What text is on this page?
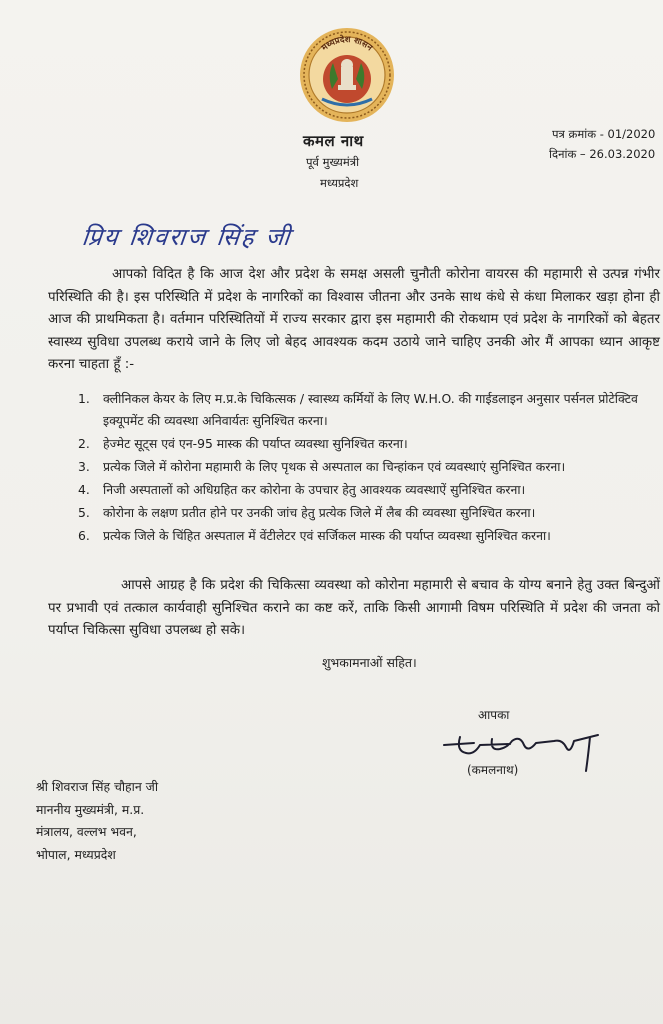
मध्यप्रदेश शासन
कमल नाथ
पूर्व मुख्यमंत्री
मध्यप्रदेश
पत्र क्रमांक - 01/2020
दिनांक – 26.03.2020
प्रिय शिवराज सिंह जी
आपको विदित है कि आज देश और प्रदेश के समक्ष असली चुनौती कोरोना वायरस की महामारी से उत्पन्न गंभीर परिस्थिति की है। इस परिस्थिति में प्रदेश के नागरिकों का विश्वास जीतना और उनके साथ कंधे से कंधा मिलाकर खड़ा होना ही आज की प्राथमिकता है। वर्तमान परिस्थितियों में राज्य सरकार द्वारा इस महामारी की रोकथाम एवं प्रदेश के नागरिकों को बेहतर स्वास्थ्य सुविधा उपलब्ध कराये जाने के लिए जो बेहद आवश्यक कदम उठाये जाने चाहिए उनकी ओर मैं आपका ध्यान आकृष्ट करना चाहता हूँ :-
1. क्लीनिकल केयर के लिए म.प्र.के चिकित्सक / स्वास्थ्य कर्मियों के लिए W.H.O. की गाईडलाइन अनुसार पर्सनल प्रोटेक्टिव इक्यूपमेंट की व्यवस्था अनिवार्यतः सुनिश्चित करना।
2. हेज्मेट सूट्स एवं एन-95 मास्क की पर्याप्त व्यवस्था सुनिश्चित करना।
3. प्रत्येक जिले में कोरोना महामारी के लिए पृथक से अस्पताल का चिन्हांकन एवं व्यवस्थाएं सुनिश्चित करना।
4. निजी अस्पतालों को अधिग्रहित कर कोरोना के उपचार हेतु आवश्यक व्यवस्थाऐं सुनिश्चित करना।
5. कोरोना के लक्षण प्रतीत होने पर उनकी जांच हेतु प्रत्येक जिले में लैब की व्यवस्था सुनिश्चित करना।
6. प्रत्येक जिले के चिंहित अस्पताल में वेंटीलेटर एवं सर्जिकल मास्क की पर्याप्त व्यवस्था सुनिश्चित करना।
आपसे आग्रह है कि प्रदेश की चिकित्सा व्यवस्था को कोरोना महामारी से बचाव के योग्य बनाने हेतु उक्त बिन्दुओं पर प्रभावी एवं तत्काल कार्यवाही सुनिश्चित कराने का कष्ट करें, ताकि किसी आगामी विषम परिस्थिति में प्रदेश की जनता को पर्याप्त चिकित्सा सुविधा उपलब्ध हो सके।
शुभकामनाओं सहित।
आपका
(कमलनाथ)
श्री शिवराज सिंह चौहान जी
माननीय मुख्यमंत्री, म.प्र.
मंत्रालय, वल्लभ भवन,
भोपाल, मध्यप्रदेश
